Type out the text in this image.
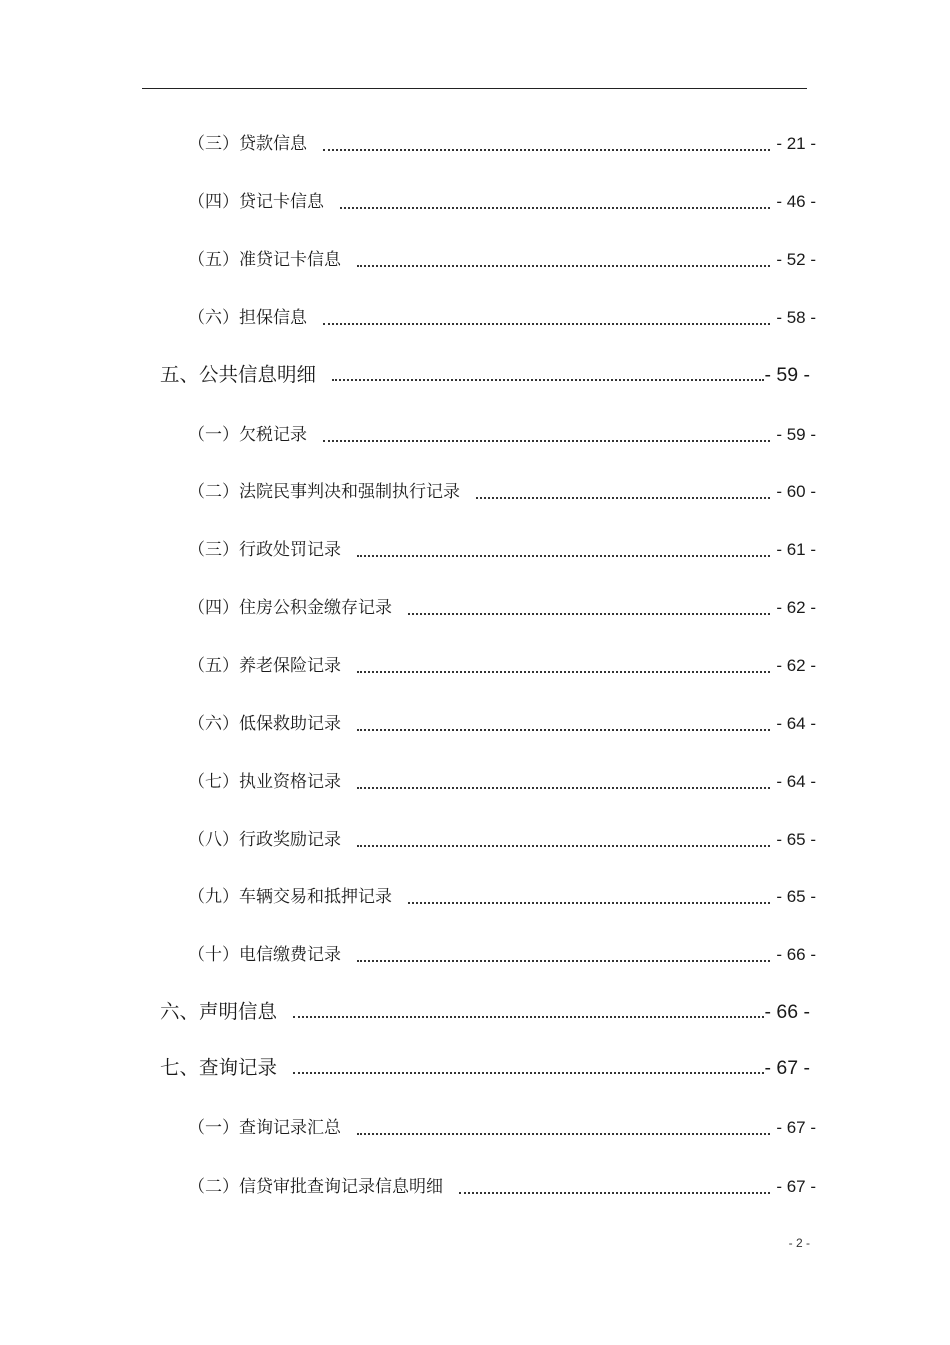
（三）贷款信息	- 21 -
（四）贷记卡信息	- 46 -
（五）准贷记卡信息	- 52 -
（六）担保信息	- 58 -
五、公共信息明细	- 59 -
（一）欠税记录	- 59 -
（二）法院民事判决和强制执行记录	- 60 -
（三）行政处罚记录	- 61 -
（四）住房公积金缴存记录	- 62 -
（五）养老保险记录	- 62 -
（六）低保救助记录	- 64 -
（七）执业资格记录	- 64 -
（八）行政奖励记录	- 65 -
（九）车辆交易和抵押记录	- 65 -
（十）电信缴费记录	- 66 -
六、声明信息	- 66 -
七、查询记录	- 67 -
（一）查询记录汇总	- 67 -
（二）信贷审批查询记录信息明细	- 67 -
- 2 -
